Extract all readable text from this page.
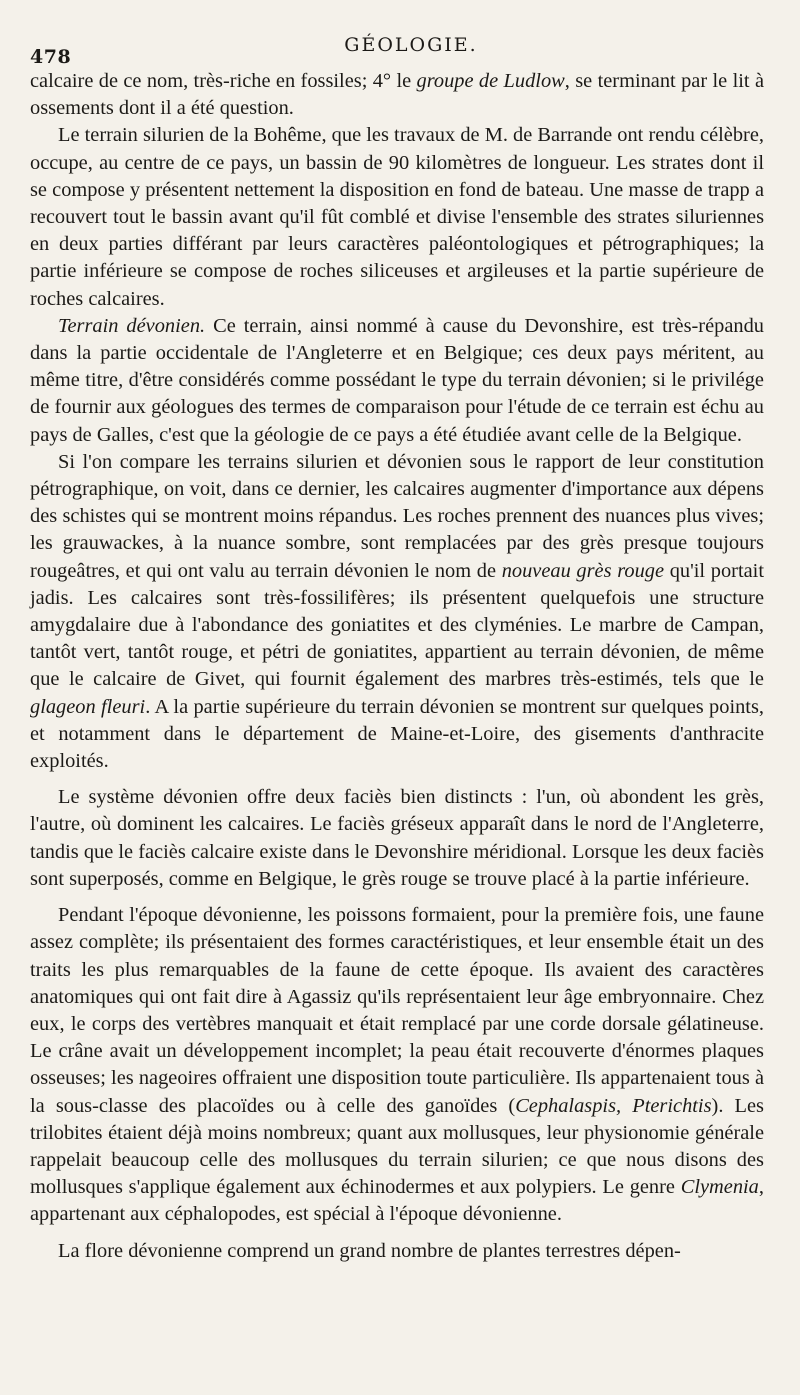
478
GÉOLOGIE.

calcaire de ce nom, très-riche en fossiles; 4° le groupe de Ludlow, se terminant par le lit à ossements dont il a été question.

Le terrain silurien de la Bohême, que les travaux de M. de Barrande ont rendu célèbre, occupe, au centre de ce pays, un bassin de 90 kilomètres de longueur. Les strates dont il se compose y présentent nettement la disposition en fond de bateau. Une masse de trapp a recouvert tout le bassin avant qu'il fût comblé et divise l'ensemble des strates siluriennes en deux parties différant par leurs caractères paléontologiques et pétrographiques; la partie inférieure se compose de roches siliceuses et argileuses et la partie supérieure de roches calcaires.

Terrain dévonien. Ce terrain, ainsi nommé à cause du Devonshire, est très-répandu dans la partie occidentale de l'Angleterre et en Belgique; ces deux pays méritent, au même titre, d'être considérés comme possédant le type du terrain dévonien; si le privilége de fournir aux géologues des termes de comparaison pour l'étude de ce terrain est échu au pays de Galles, c'est que la géologie de ce pays a été étudiée avant celle de la Belgique.

Si l'on compare les terrains silurien et dévonien sous le rapport de leur constitution pétrographique, on voit, dans ce dernier, les calcaires augmenter d'importance aux dépens des schistes qui se montrent moins répandus. Les roches prennent des nuances plus vives; les grauwackes, à la nuance sombre, sont remplacées par des grès presque toujours rougeâtres, et qui ont valu au terrain dévonien le nom de nouveau grès rouge qu'il portait jadis. Les calcaires sont très-fossilifères; ils présentent quelquefois une structure amygdalaire due à l'abondance des goniatites et des clyménies. Le marbre de Campan, tantôt vert, tantôt rouge, et pétri de goniatites, appartient au terrain dévonien, de même que le calcaire de Givet, qui fournit également des marbres très-estimés, tels que le glageon fleuri. A la partie supérieure du terrain dévonien se montrent sur quelques points, et notamment dans le département de Maine-et-Loire, des gisements d'anthracite exploités.

Le système dévonien offre deux faciès bien distincts : l'un, où abondent les grès, l'autre, où dominent les calcaires. Le faciès gréseux apparaît dans le nord de l'Angleterre, tandis que le faciès calcaire existe dans le Devonshire méridional. Lorsque les deux faciès sont superposés, comme en Belgique, le grès rouge se trouve placé à la partie inférieure.

Pendant l'époque dévonienne, les poissons formaient, pour la première fois, une faune assez complète; ils présentaient des formes caractéristiques, et leur ensemble était un des traits les plus remarquables de la faune de cette époque. Ils avaient des caractères anatomiques qui ont fait dire à Agassiz qu'ils représentaient leur âge embryonnaire. Chez eux, le corps des vertèbres manquait et était remplacé par une corde dorsale gélatineuse. Le crâne avait un développement incomplet; la peau était recouverte d'énormes plaques osseuses; les nageoires offraient une disposition toute particulière. Ils appartenaient tous à la sous-classe des placoïdes ou à celle des ganoïdes (Cephalaspis, Pterichtis). Les trilobites étaient déjà moins nombreux; quant aux mollusques, leur physionomie générale rappelait beaucoup celle des mollusques du terrain silurien; ce que nous disons des mollusques s'applique également aux échinodermes et aux polypiers. Le genre Clymenia, appartenant aux céphalopodes, est spécial à l'époque dévonienne.

La flore dévonienne comprend un grand nombre de plantes terrestres dépen-
